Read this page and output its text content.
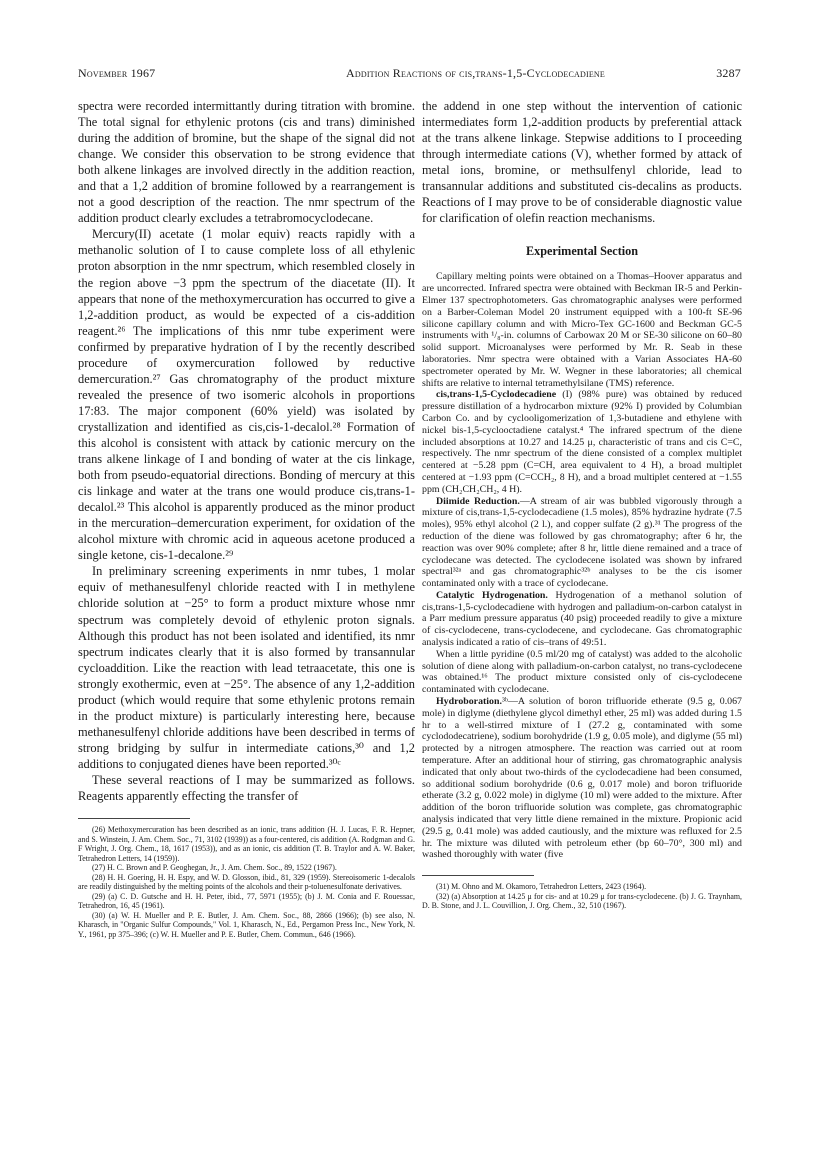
November 1967	Addition Reactions of cis,trans-1,5-Cyclodecadiene	3287

spectra were recorded intermittantly during titration with bromine. The total signal for ethylenic protons (cis and trans) diminished during the addition of bromine, but the shape of the signal did not change. We consider this observation to be strong evidence that both alkene linkages are involved directly in the addition reaction, and that a 1,2 addition of bromine followed by a rearrangement is not a good description of the reaction. The nmr spectrum of the addition product clearly excludes a tetrabromocyclodecane.

Mercury(II) acetate (1 molar equiv) reacts rapidly with a methanolic solution of I to cause complete loss of all ethylenic proton absorption in the nmr spectrum, which resembled closely in the region above −3 ppm the spectrum of the diacetate (II). It appears that none of the methoxymercuration has occurred to give a 1,2-addition product, as would be expected of a cis-addition reagent.²⁶ The implications of this nmr tube experiment were confirmed by preparative hydration of I by the recently described procedure of oxymercuration followed by reductive demercuration.²⁷ Gas chromatography of the product mixture revealed the presence of two isomeric alcohols in proportions 17:83. The major component (60% yield) was isolated by crystallization and identified as cis,cis-1-decalol.²⁸ Formation of this alcohol is consistent with attack by cationic mercury on the trans alkene linkage of I and bonding of water at the cis linkage, both from pseudo-equatorial directions. Bonding of mercury at this cis linkage and water at the trans one would produce cis,trans-1-decalol.²³ This alcohol is apparently produced as the minor product in the mercuration–demercuration experiment, for oxidation of the alcohol mixture with chromic acid in aqueous acetone produced a single ketone, cis-1-decalone.²⁹

In preliminary screening experiments in nmr tubes, 1 molar equiv of methanesulfenyl chloride reacted with I in methylene chloride solution at −25° to form a product mixture whose nmr spectrum was completely devoid of ethylenic proton signals. Although this product has not been isolated and identified, its nmr spectrum indicates clearly that it is also formed by transannular cycloaddition. Like the reaction with lead tetraacetate, this one is strongly exothermic, even at −25°. The absence of any 1,2-addition product (which would require that some ethylenic protons remain in the product mixture) is particularly interesting here, because methanesulfenyl chloride additions have been described in terms of strong bridging by sulfur in intermediate cations,³⁰ and 1,2 additions to conjugated dienes have been reported.³⁰ᶜ

These several reactions of I may be summarized as follows. Reagents apparently effecting the transfer of

(26) Methoxymercuration has been described as an ionic, trans addition (H. J. Lucas, F. R. Hepner, and S. Winstein, J. Am. Chem. Soc., 71, 3102 (1939)) as a four-centered, cis addition (A. Rodgman and G. F Wright, J. Org. Chem., 18, 1617 (1953)), and as an ionic, cis addition (T. B. Traylor and A. W. Baker, Tetrahedron Letters, 14 (1959)).

(27) H. C. Brown and P. Geoghegan, Jr., J. Am. Chem. Soc., 89, 1522 (1967).

(28) H. H. Goering, H. H. Espy, and W. D. Glosson, ibid., 81, 329 (1959). Stereoisomeric 1-decalols are readily distinguished by the melting points of the alcohols and their p-toluenesulfonate derivatives.

(29) (a) C. D. Gutsche and H. H. Peter, ibid., 77, 5971 (1955); (b) J. M. Conia and F. Rouessac, Tetrahedron, 16, 45 (1961).

(30) (a) W. H. Mueller and P. E. Butler, J. Am. Chem. Soc., 88, 2866 (1966); (b) see also, N. Kharasch, in "Organic Sulfur Compounds," Vol. 1, Kharasch, N., Ed., Pergamon Press Inc., New York, N. Y., 1961, pp 375–396; (c) W. H. Mueller and P. E. Butler, Chem. Commun., 646 (1966).

the addend in one step without the intervention of cationic intermediates form 1,2-addition products by preferential attack at the trans alkene linkage. Stepwise additions to I proceeding through intermediate cations (V), whether formed by attack of metal ions, bromine, or methsulfenyl chloride, lead to transannular additions and substituted cis-decalins as products. Reactions of I may prove to be of considerable diagnostic value for clarification of olefin reaction mechanisms.

Experimental Section

Capillary melting points were obtained on a Thomas–Hoover apparatus and are uncorrected. Infrared spectra were obtained with Beckman IR-5 and Perkin-Elmer 137 spectrophotometers. Gas chromatographic analyses were performed on a Barber-Coleman Model 20 instrument equipped with a 100-ft SE-96 silicone capillary column and with Micro-Tex GC-1600 and Beckman GC-5 instruments with ¹/₈-in. columns of Carbowax 20 M or SE-30 silicone on 60–80 solid support. Microanalyses were performed by Mr. R. Seab in these laboratories. Nmr spectra were obtained with a Varian Associates HA-60 spectrometer operated by Mr. W. Wegner in these laboratories; all chemical shifts are relative to internal tetramethylsilane (TMS) reference.

cis,trans-1,5-Cyclodecadiene (I) (98% pure) was obtained by reduced pressure distillation of a hydrocarbon mixture (92% I) provided by Columbian Carbon Co. and by cyclooligomerization of 1,3-butadiene and ethylene with nickel bis-1,5-cyclooctadiene catalyst.⁴ The infrared spectrum of the diene included absorptions at 10.27 and 14.25 μ, characteristic of trans and cis C=C, respectively. The nmr spectrum of the diene consisted of a complex multiplet centered at −5.28 ppm (C=CH, area equivalent to 4 H), a broad multiplet centered at −1.93 ppm (C=CCH₂, 8 H), and a broad multiplet centered at −1.55 ppm (CH₂CH₂CH₂, 4 H).

Diimide Reduction.—A stream of air was bubbled vigorously through a mixture of cis,trans-1,5-cyclodecadiene (1.5 moles), 85% hydrazine hydrate (7.5 moles), 95% ethyl alcohol (2 l.), and copper sulfate (2 g).³¹ The progress of the reduction of the diene was followed by gas chromatography; after 6 hr, the reaction was over 90% complete; after 8 hr, little diene remained and a trace of cyclodecane was detected. The cyclodecene isolated was shown by infrared spectral³²ᵃ and gas chromatographic³²ᵇ analyses to be the cis isomer contaminated only with a trace of cyclodecane.

Catalytic Hydrogenation. Hydrogenation of a methanol solution of cis,trans-1,5-cyclodecadiene with hydrogen and palladium-on-carbon catalyst in a Parr medium pressure apparatus (40 psig) proceeded readily to give a mixture of cis-cyclodecene, trans-cyclodecene, and cyclodecane. Gas chromatographic analysis indicated a ratio of cis–trans of 49:51.

When a little pyridine (0.5 ml/20 mg of catalyst) was added to the alcoholic solution of diene along with palladium-on-carbon catalyst, no trans-cyclodecene was obtained.¹⁶ The product mixture consisted only of cis-cyclodecene contaminated with cyclodecane.

Hydroboration.³ᵇ—A solution of boron trifluoride etherate (9.5 g, 0.067 mole) in diglyme (diethylene glycol dimethyl ether, 25 ml) was added during 1.5 hr to a well-stirred mixture of I (27.2 g, contaminated with some cyclododecatriene), sodium borohydride (1.9 g, 0.05 mole), and diglyme (55 ml) protected by a nitrogen atmosphere. The reaction was carried out at room temperature. After an additional hour of stirring, gas chromatographic analysis indicated that only about two-thirds of the cyclodecadiene had been consumed, so additional sodium borohydride (0.6 g, 0.017 mole) and boron trifluoride etherate (3.2 g, 0.022 mole) in diglyme (10 ml) were added to the mixture. After addition of the boron trifluoride solution was complete, gas chromatographic analysis indicated that very little diene remained in the mixture. Propionic acid (29.5 g, 0.41 mole) was added cautiously, and the mixture was refluxed for 2.5 hr. The mixture was diluted with petroleum ether (bp 60–70°, 300 ml) and washed thoroughly with water (five

(31) M. Ohno and M. Okamoro, Tetrahedron Letters, 2423 (1964).

(32) (a) Absorption at 14.25 μ for cis- and at 10.29 μ for trans-cyclodecene. (b) J. G. Traynham, D. B. Stone, and J. L. Couvillion, J. Org. Chem., 32, 510 (1967).
